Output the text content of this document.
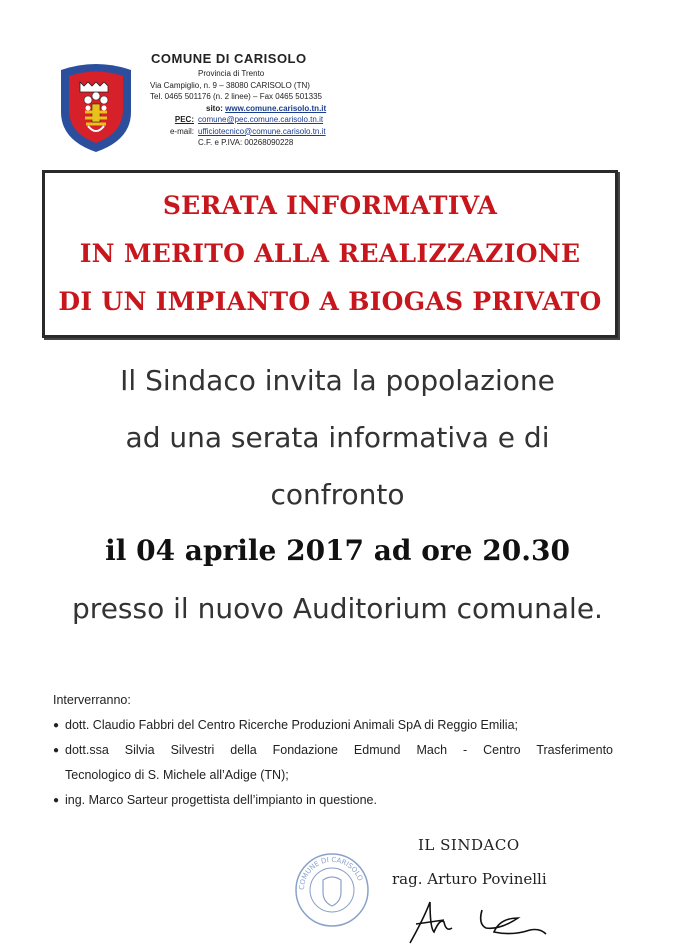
COMUNE DI CARISOLO
Provincia di Trento
Via Campiglio, n. 9 – 38080 CARISOLO (TN)
Tel. 0465 501176 (n. 2 linee) – Fax 0465 501335
sito: www.comune.carisolo.tn.it
PEC: comune@pec.comune.carisolo.tn.it
e-mail: ufficiotecnico@comune.carisolo.tn.it
C.F. e P.IVA: 00268090228
SERATA INFORMATIVA
IN MERITO ALLA REALIZZAZIONE
DI UN IMPIANTO A BIOGAS PRIVATO
Il Sindaco invita la popolazione
ad una serata informativa e di
confronto
il 04 aprile 2017 ad ore 20.30
presso il nuovo Auditorium comunale.
Interverranno:
● dott. Claudio Fabbri del Centro Ricerche Produzioni Animali SpA di Reggio Emilia;
● dott.ssa Silvia Silvestri della Fondazione Edmund Mach - Centro Trasferimento
Tecnologico di S. Michele all’Adige (TN);
● ing. Marco Sarteur progettista dell’impianto in questione.
COMUNE DI CARISOLO
IL SINDACO
rag. Arturo Povinelli
